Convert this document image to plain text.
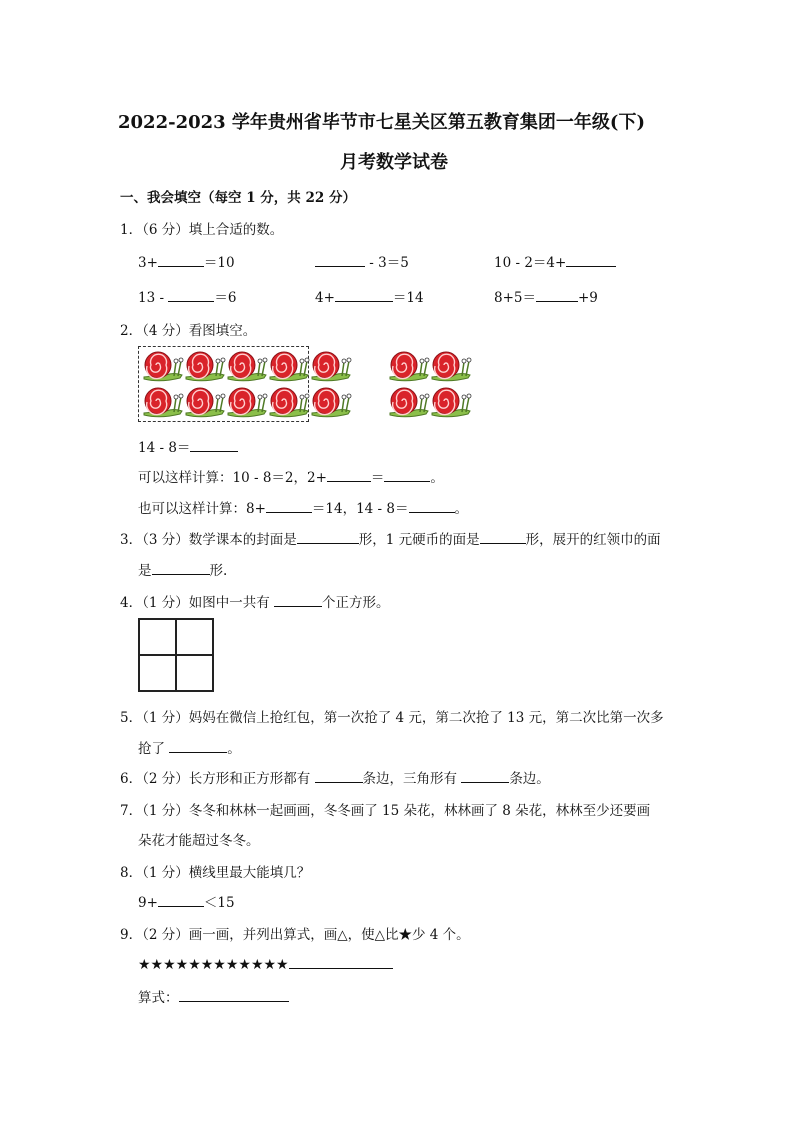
2022-2023 学年贵州省毕节市七星关区第五教育集团一年级(下)
月考数学试卷
一、我会填空（每空 1 分，共 22 分）
1．（6 分）填上合适的数。
3+	＝10	- 3＝5	10 - 2＝4+
13 -	＝6	4+	＝14	8+5＝	+9
2．（4 分）看图填空。
14 - 8＝
可以这样计算：10 - 8＝2，2+	＝	。
也可以这样计算：8+	＝14，14 - 8＝	。
3．（3 分）数学课本的封面是	形，1 元硬币的面是	形，展开的红领巾的面
是	形.
4．（1 分）如图中一共有	个正方形。
5．（1 分）妈妈在微信上抢红包，第一次抢了 4 元，第二次抢了 13 元，第二次比第一次多
抢了	。
6．（2 分）长方形和正方形都有	条边，三角形有	条边。
7．（1 分）冬冬和林林一起画画，冬冬画了 15 朵花，林林画了 8 朵花，林林至少还要画
朵花才能超过冬冬。
8．（1 分）横线里最大能填几？
9+	＜15
9．（2 分）画一画，并列出算式，画△，使△比★少 4 个。
★★★★★★★★★★★★
算式：
